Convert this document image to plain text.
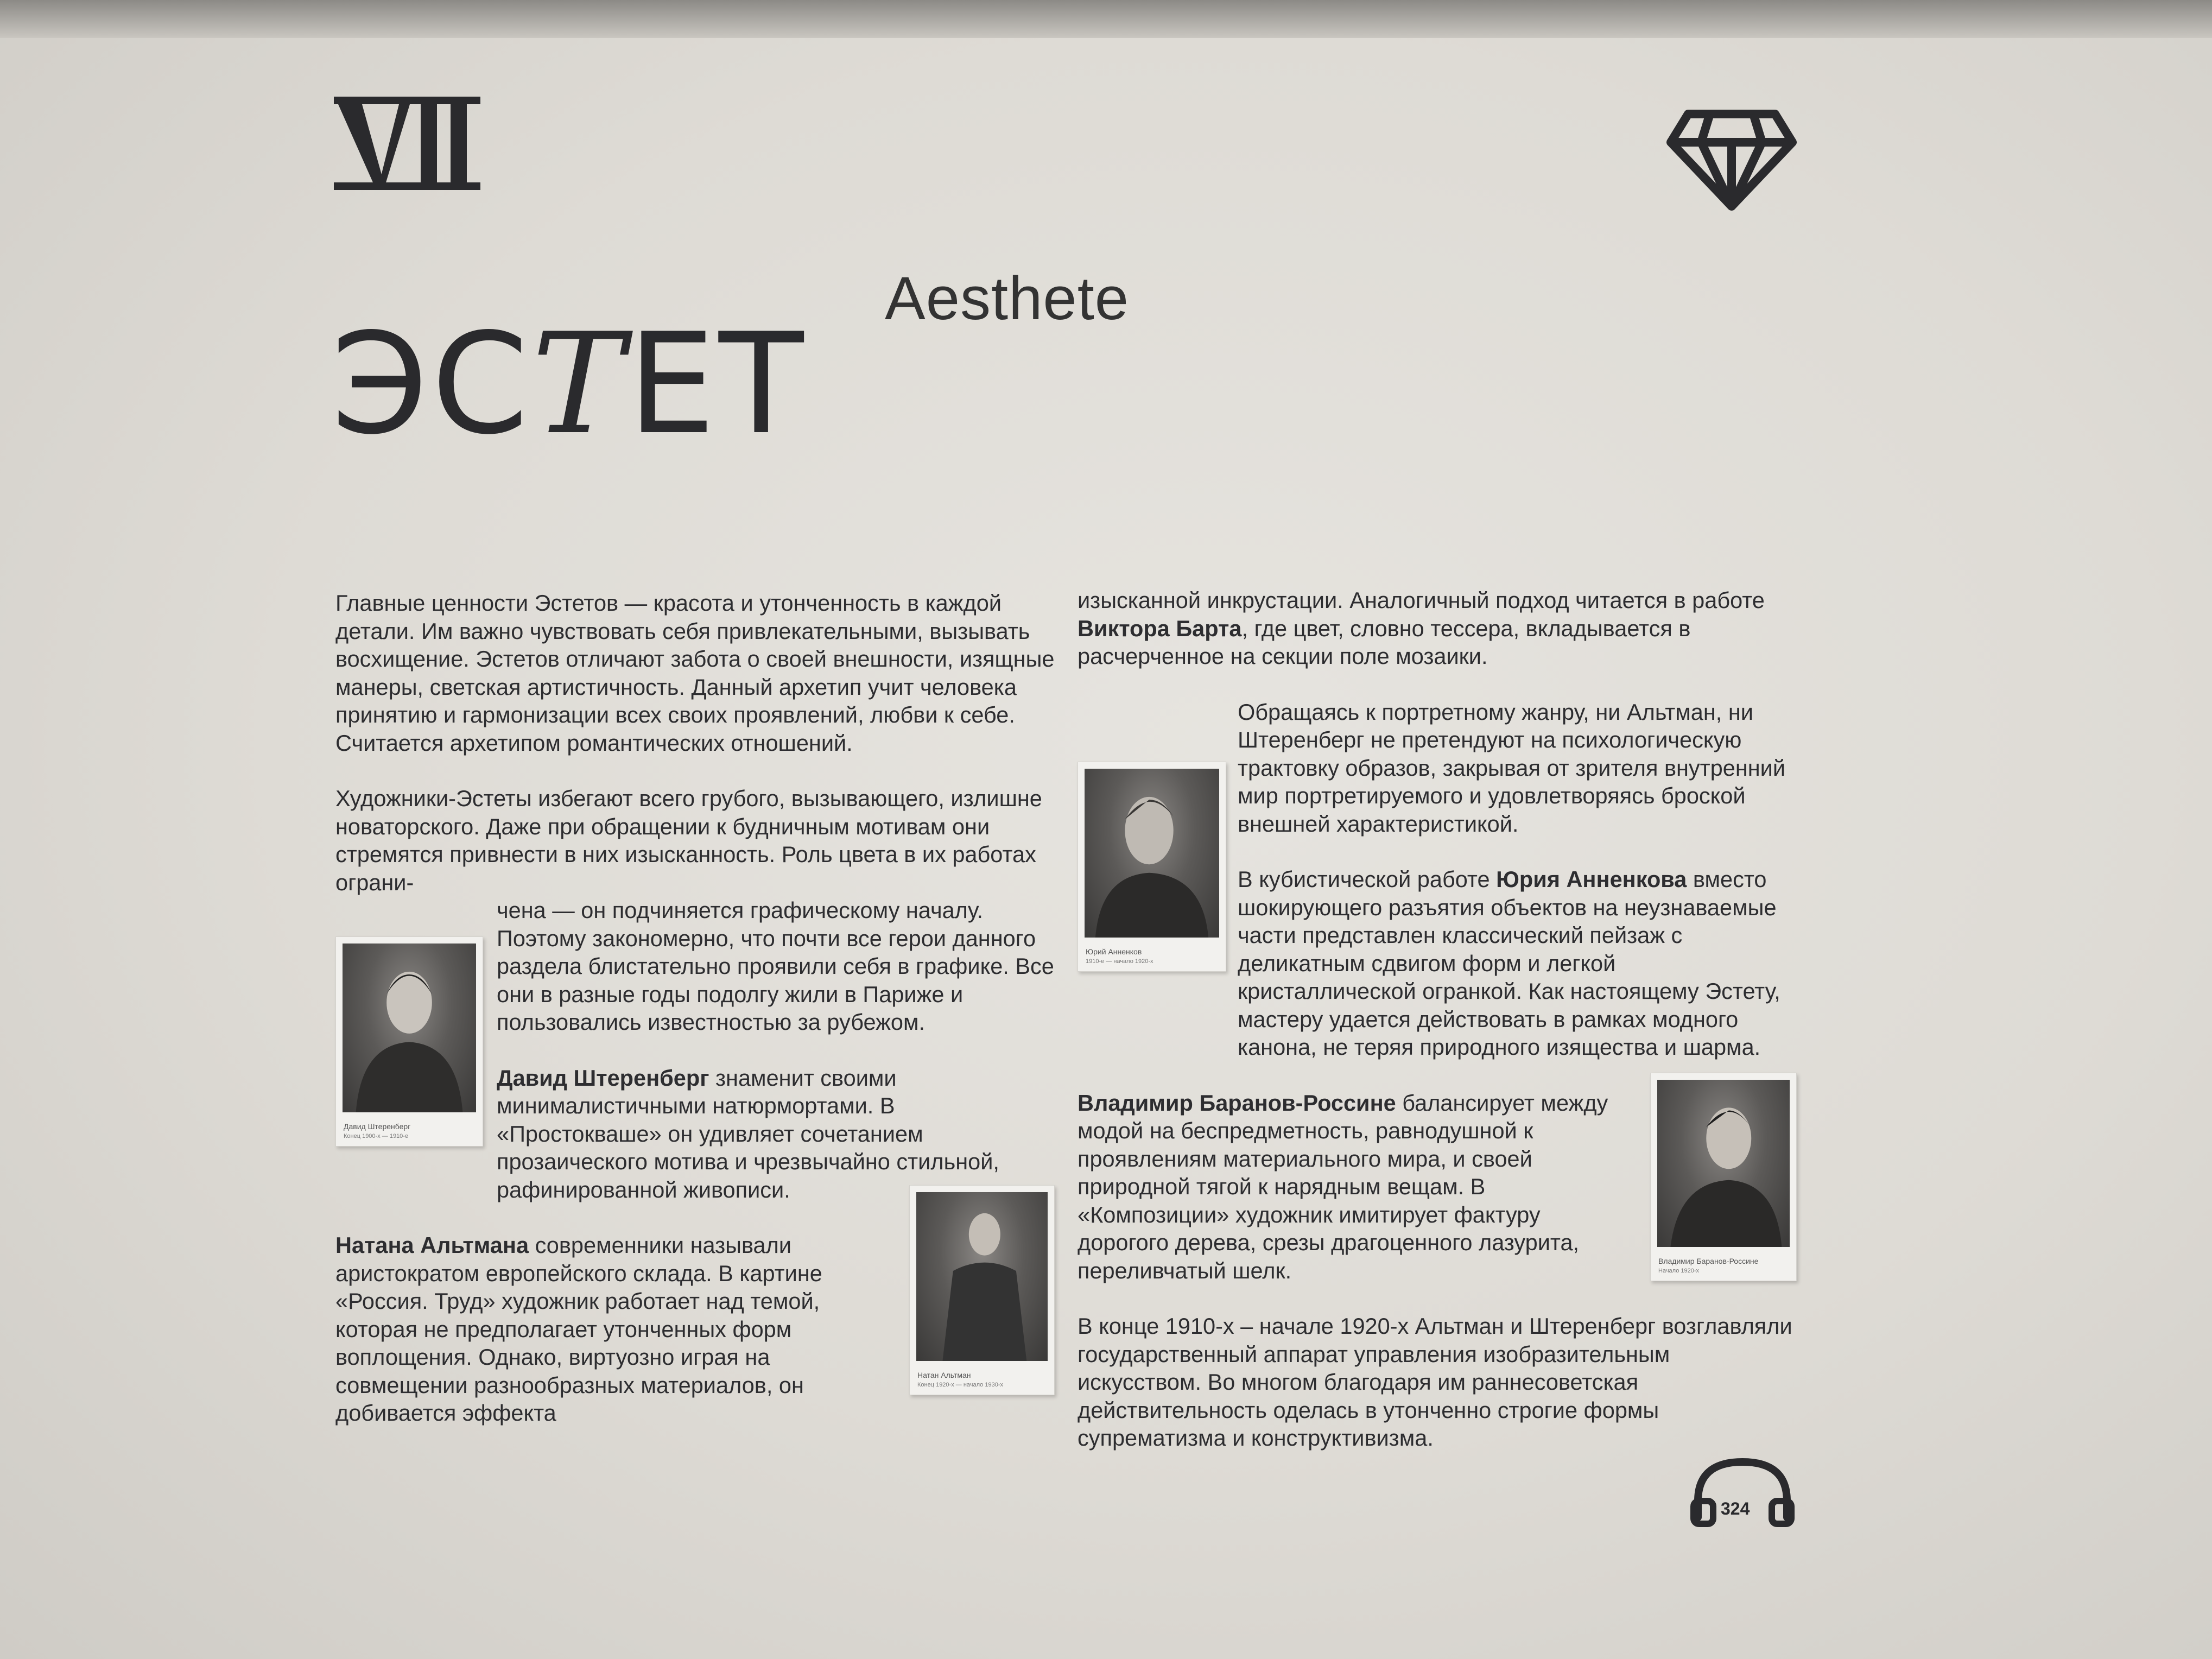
Aesthete
ЭСТЕТ

Главные ценности Эстетов — красота и утонченность в каждой детали. Им важно чувствовать себя привлекательными, вызывать восхищение. Эстетов отличают забота о своей внешности, изящные манеры, светская артистичность. Данный архетип учит человека принятию и гармонизации всех своих проявлений, любви к себе. Считается архетипом романтических отношений.

Художники-Эстеты избегают всего грубого, вызывающего, излишне новаторского. Даже при обращении к будничным мотивам они стремятся привнести в них изысканность. Роль цвета в их работах ограни-

чена — он подчиняется графическому началу. Поэтому закономерно, что почти все герои данного раздела блистательно проявили себя в графике. Все они в разные годы подолгу жили в Париже и пользовались известностью за рубежом.

Давид Штеренберг знаменит своими минималистичными натюрмортами. В «Простокваше» он удивляет сочетанием прозаического мотива и чрезвычайно стильной, рафинированной живописи.

Натана Альтмана современники называли аристократом европейского склада. В картине «Россия. Труд» художник работает над темой, которая не предполагает утонченных форм воплощения. Однако, виртуозно играя на совмещении разнообразных материалов, он добивается эффекта

изысканной инкрустации. Аналогичный подход читается в работе Виктора Барта, где цвет, словно тессера, вкладывается в расчерченное на секции поле мозаики.

Обращаясь к портретному жанру, ни Альтман, ни Штеренберг не претендуют на психологическую трактовку образов, закрывая от зрителя внутренний мир портретируемого и удовлетворяясь броской внешней характеристикой.

В кубистической работе Юрия Анненкова вместо шокирующего разъятия объектов на неузнаваемые части представлен классический пейзаж с деликатным сдвигом форм и легкой кристаллической огранкой. Как настоящему Эстету, мастеру удается действовать в рамках модного канона, не теряя природного изящества и шарма.

Владимир Баранов-Россине балансирует между модой на беспредметность, равнодушной к проявлениям материального мира, и своей природной тягой к нарядным вещам. В «Композиции» художник имитирует фактуру дорогого дерева, срезы драгоценного лазурита, переливчатый шелк.

В конце 1910-х – начале 1920-х Альтман и Штеренберг возглавляли государственный аппарат управления изобразительным искусством. Во многом благодаря им раннесоветская действительность оделась в утонченно строгие формы супрематизма и конструктивизма.

Давид Штеренберг
Конец 1900-х — 1910-е
Натан Альтман
Конец 1920-х — начало 1930-х
Юрий Анненков
1910-е — начало 1920-х
Владимир Баранов-Россине
Начало 1920-х
324
